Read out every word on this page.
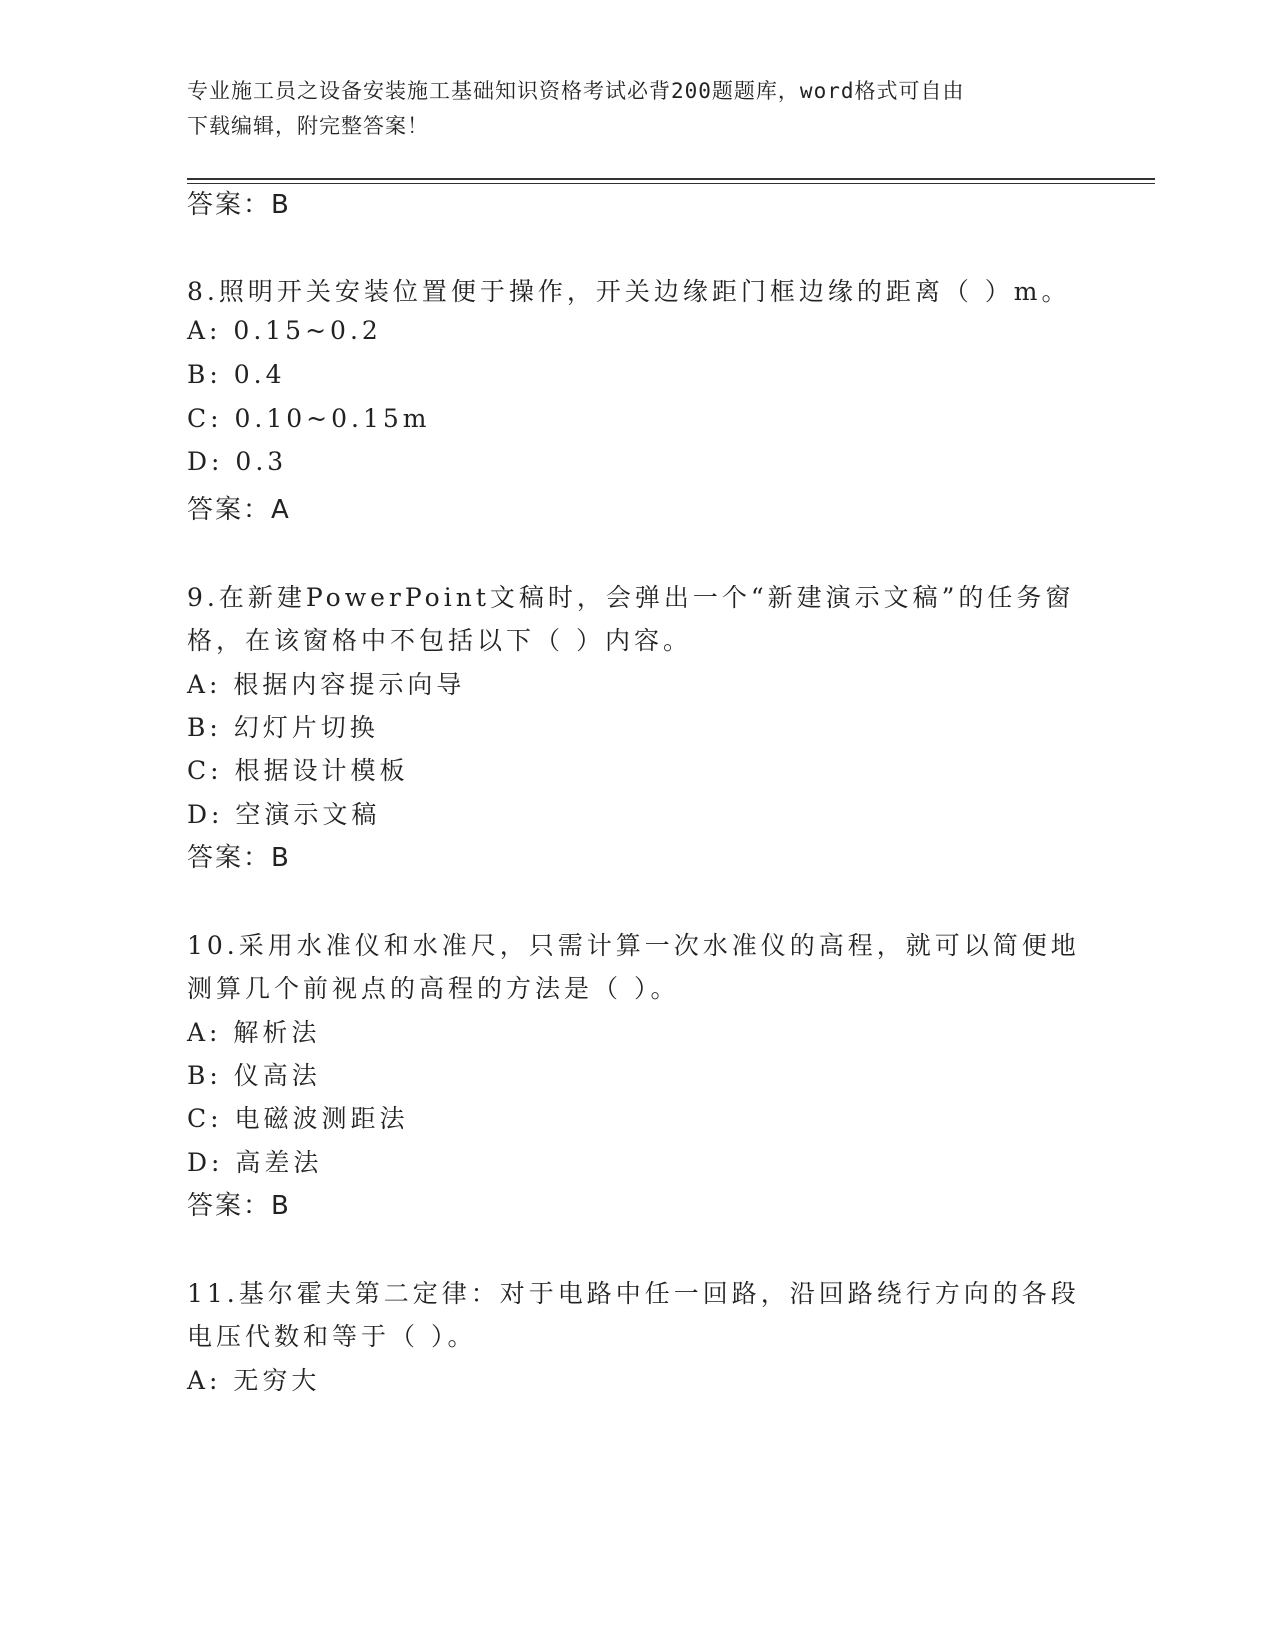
专业施工员之设备安装施工基础知识资格考试必背200题题库，word格式可自由
下载编辑，附完整答案！
答案：B
8.照明开关安装位置便于操作，开关边缘距门框边缘的距离（ ）m。
A: 0.15~0.2
B: 0.4
C: 0.10~0.15m
D: 0.3
答案：A
9.在新建PowerPoint文稿时，会弹出一个“新建演示文稿”的任务窗
格，在该窗格中不包括以下（ ）内容。
A: 根据内容提示向导
B: 幻灯片切换
C: 根据设计模板
D: 空演示文稿
答案：B
10.采用水准仪和水准尺，只需计算一次水准仪的高程，就可以简便地
测算几个前视点的高程的方法是（ ）。
A: 解析法
B: 仪高法
C: 电磁波测距法
D: 高差法
答案：B
11.基尔霍夫第二定律：对于电路中任一回路，沿回路绕行方向的各段
电压代数和等于（ ）。
A: 无穷大
